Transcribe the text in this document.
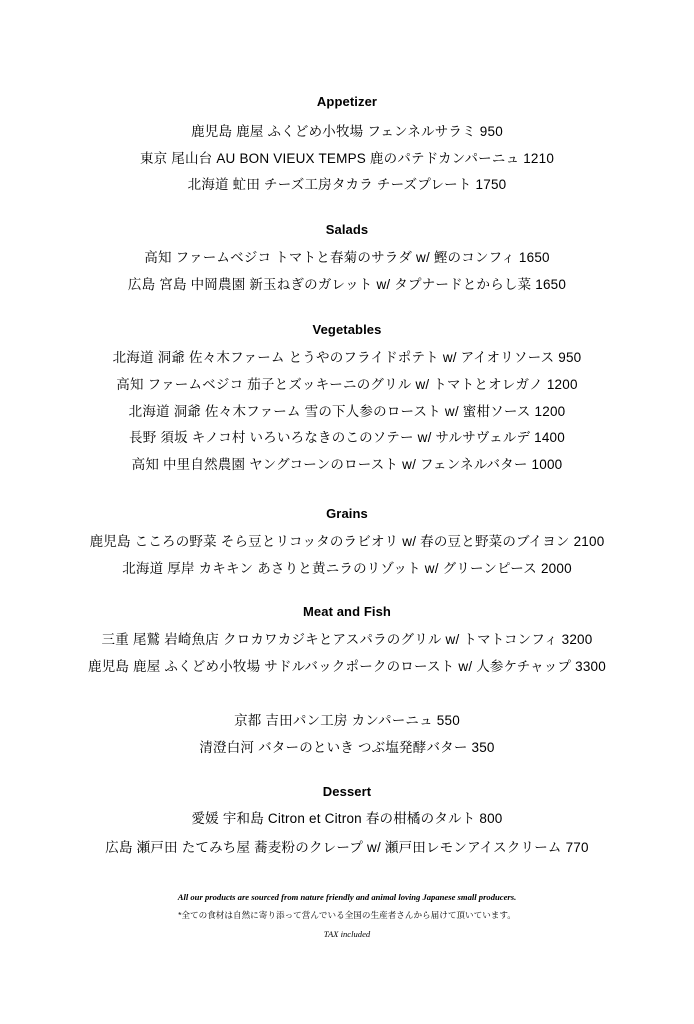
Appetizer
鹿児島 鹿屋 ふくどめ小牧場 フェンネルサラミ 950
東京 尾山台 AU BON VIEUX TEMPS 鹿のパテドカンパーニュ 1210
北海道 虻田 チーズ工房タカラ チーズプレート 1750
Salads
高知 ファームベジコ トマトと春菊のサラダ w/ 鰹のコンフィ 1650
広島 宮島 中岡農園 新玉ねぎのガレット w/ タプナードとからし菜 1650
Vegetables
北海道 洞爺 佐々木ファーム とうやのフライドポテト w/ アイオリソース 950
高知 ファームベジコ 茄子とズッキーニのグリル w/ トマトとオレガノ 1200
北海道 洞爺 佐々木ファーム 雪の下人参のロースト w/ 蜜柑ソース 1200
長野 須坂 キノコ村 いろいろなきのこのソテー w/ サルサヴェルデ 1400
高知 中里自然農園 ヤングコーンのロースト w/ フェンネルバター 1000
Grains
鹿児島 こころの野菜 そら豆とリコッタのラビオリ w/ 春の豆と野菜のブイヨン 2100
北海道 厚岸 カキキン あさりと黄ニラのリゾット w/ グリーンピース 2000
Meat and Fish
三重 尾鷲 岩崎魚店 クロカワカジキとアスパラのグリル w/ トマトコンフィ 3200
鹿児島 鹿屋 ふくどめ小牧場 サドルバックポークのロースト w/ 人参ケチャップ 3300
京都 吉田パン工房 カンパーニュ 550
清澄白河 バターのといき つぶ塩発酵バター 350
Dessert
愛媛 宇和島 Citron et Citron 春の柑橘のタルト 800
広島 瀬戸田 たてみち屋 蕎麦粉のクレープ w/ 瀬戸田レモンアイスクリーム 770
All our products are sourced from nature friendly and animal loving Japanese small producers.
*全ての食材は自然に寄り添って営んでいる全国の生産者さんから届けて頂いています。
TAX included
